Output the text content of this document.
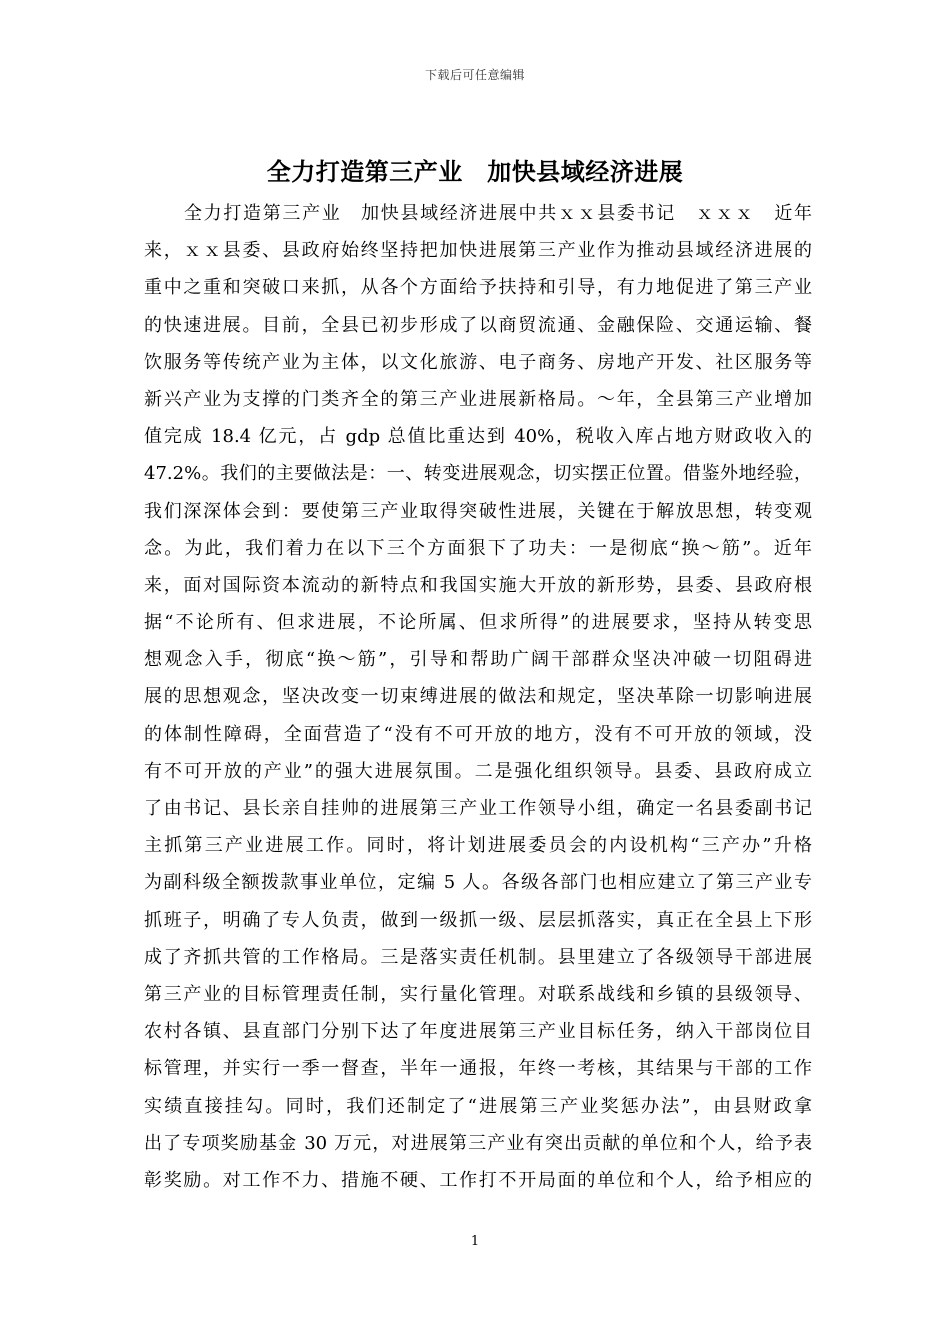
下载后可任意编辑
全力打造第三产业　加快县域经济进展
全力打造第三产业　加快县域经济进展中共ｘｘ县委书记　ｘｘｘ　近年
来，ｘｘ县委、县政府始终坚持把加快进展第三产业作为推动县域经济进展的
重中之重和突破口来抓，从各个方面给予扶持和引导，有力地促进了第三产业
的快速进展。目前，全县已初步形成了以商贸流通、金融保险、交通运输、餐
饮服务等传统产业为主体，以文化旅游、电子商务、房地产开发、社区服务等
新兴产业为支撑的门类齐全的第三产业进展新格局。～年，全县第三产业增加
值完成 18.4 亿元，占 gdp 总值比重达到 40%，税收入库占地方财政收入的
47.2%。我们的主要做法是：一、转变进展观念，切实摆正位置。借鉴外地经验，
我们深深体会到：要使第三产业取得突破性进展，关键在于解放思想，转变观
念。为此，我们着力在以下三个方面狠下了功夫：一是彻底“换～筋”。近年
来，面对国际资本流动的新特点和我国实施大开放的新形势，县委、县政府根
据“不论所有、但求进展，不论所属、但求所得”的进展要求，坚持从转变思
想观念入手，彻底“换～筋”，引导和帮助广阔干部群众坚决冲破一切阻碍进
展的思想观念，坚决改变一切束缚进展的做法和规定，坚决革除一切影响进展
的体制性障碍，全面营造了“没有不可开放的地方，没有不可开放的领域，没
有不可开放的产业”的强大进展氛围。二是强化组织领导。县委、县政府成立
了由书记、县长亲自挂帅的进展第三产业工作领导小组，确定一名县委副书记
主抓第三产业进展工作。同时，将计划进展委员会的内设机构“三产办”升格
为副科级全额拨款事业单位，定编 5 人。各级各部门也相应建立了第三产业专
抓班子，明确了专人负责，做到一级抓一级、层层抓落实，真正在全县上下形
成了齐抓共管的工作格局。三是落实责任机制。县里建立了各级领导干部进展
第三产业的目标管理责任制，实行量化管理。对联系战线和乡镇的县级领导、
农村各镇、县直部门分别下达了年度进展第三产业目标任务，纳入干部岗位目
标管理，并实行一季一督查，半年一通报，年终一考核，其结果与干部的工作
实绩直接挂勾。同时，我们还制定了“进展第三产业奖惩办法”，由县财政拿
出了专项奖励基金 30 万元，对进展第三产业有突出贡献的单位和个人，给予表
彰奖励。对工作不力、措施不硬、工作打不开局面的单位和个人，给予相应的
1
